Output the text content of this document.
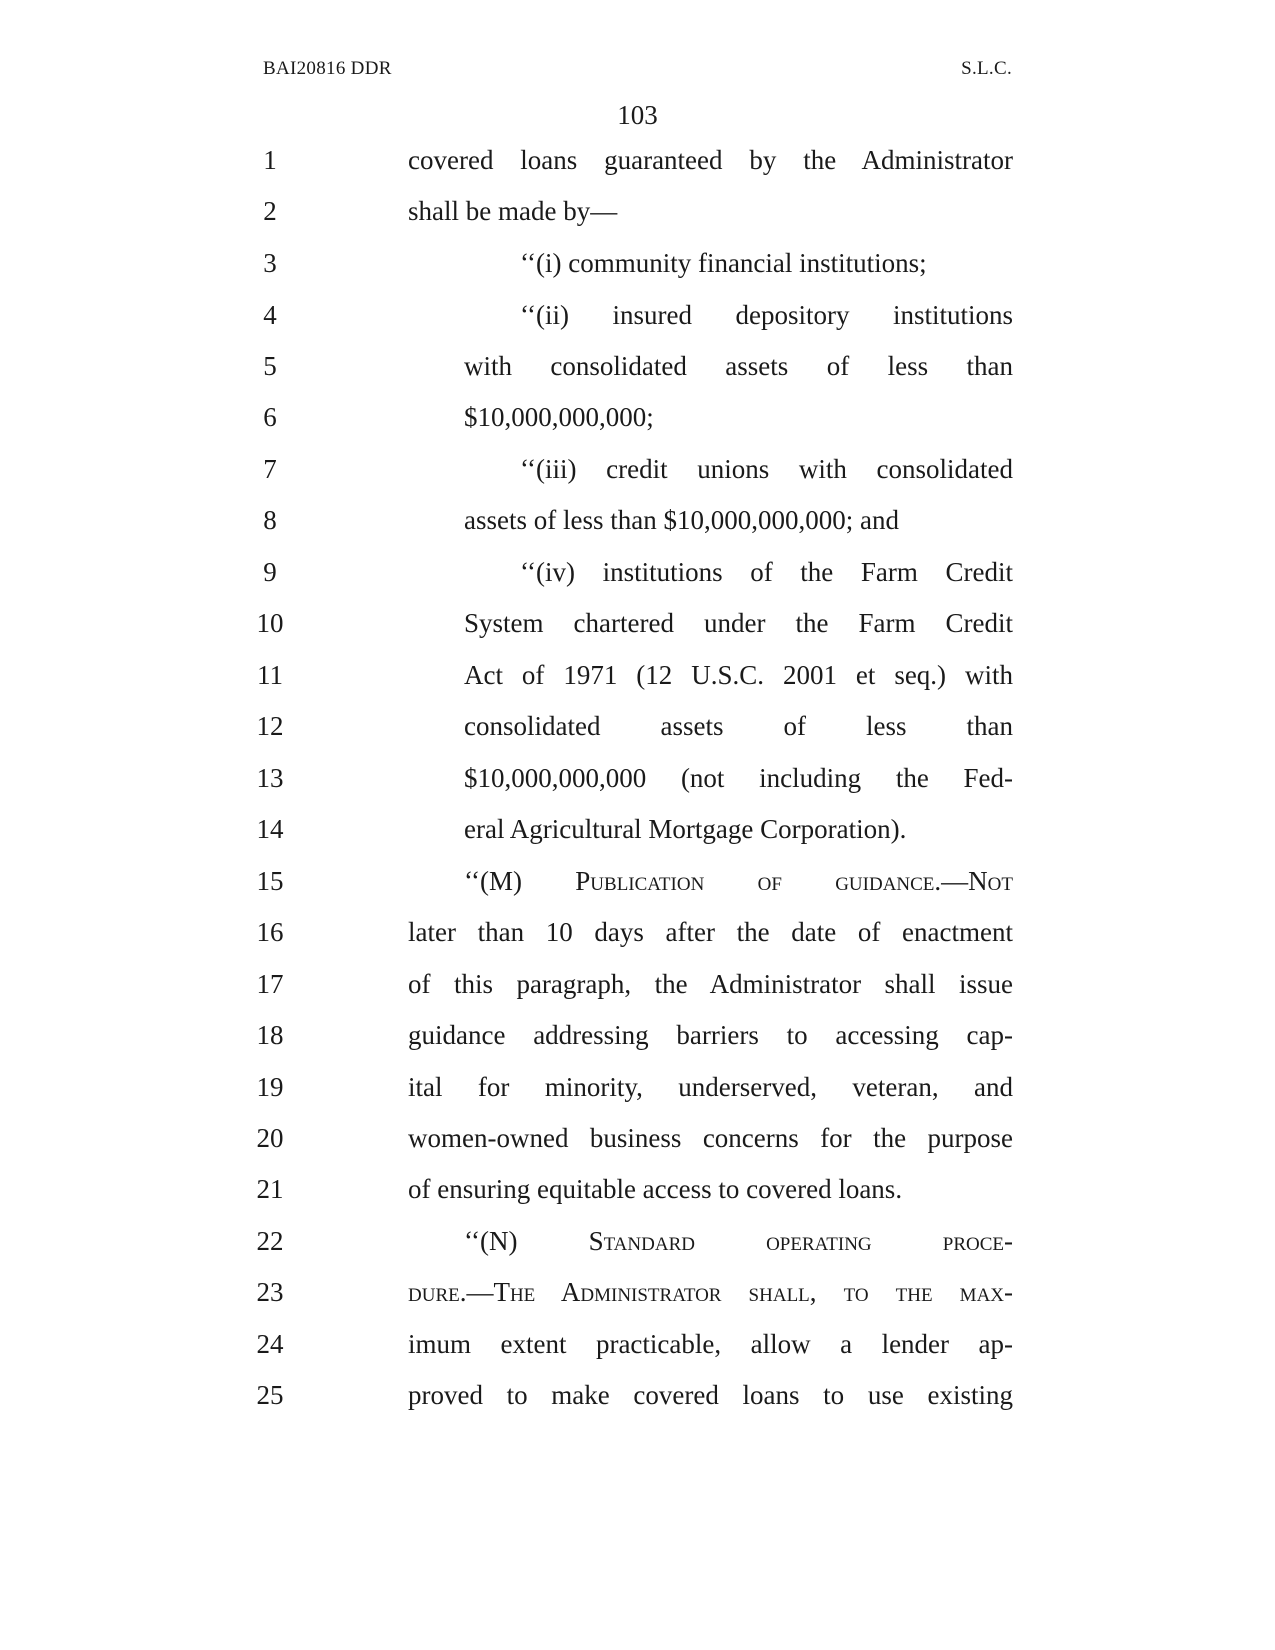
BAI20816 DDR	S.L.C.
103
1	covered loans guaranteed by the Administrator
2	shall be made by—
3	‘‘(i) community financial institutions;
4	‘‘(ii) insured depository institutions
5	with consolidated assets of less than
6	$10,000,000,000;
7	‘‘(iii) credit unions with consolidated
8	assets of less than $10,000,000,000; and
9	‘‘(iv) institutions of the Farm Credit
10	System chartered under the Farm Credit
11	Act of 1971 (12 U.S.C. 2001 et seq.) with
12	consolidated assets of less than
13	$10,000,000,000 (not including the Fed-
14	eral Agricultural Mortgage Corporation).
15	‘‘(M) Publication of guidance.—Not
16	later than 10 days after the date of enactment
17	of this paragraph, the Administrator shall issue
18	guidance addressing barriers to accessing cap-
19	ital for minority, underserved, veteran, and
20	women-owned business concerns for the purpose
21	of ensuring equitable access to covered loans.
22	‘‘(N) Standard operating proce-
23	dure.—The Administrator shall, to the max-
24	imum extent practicable, allow a lender ap-
25	proved to make covered loans to use existing
